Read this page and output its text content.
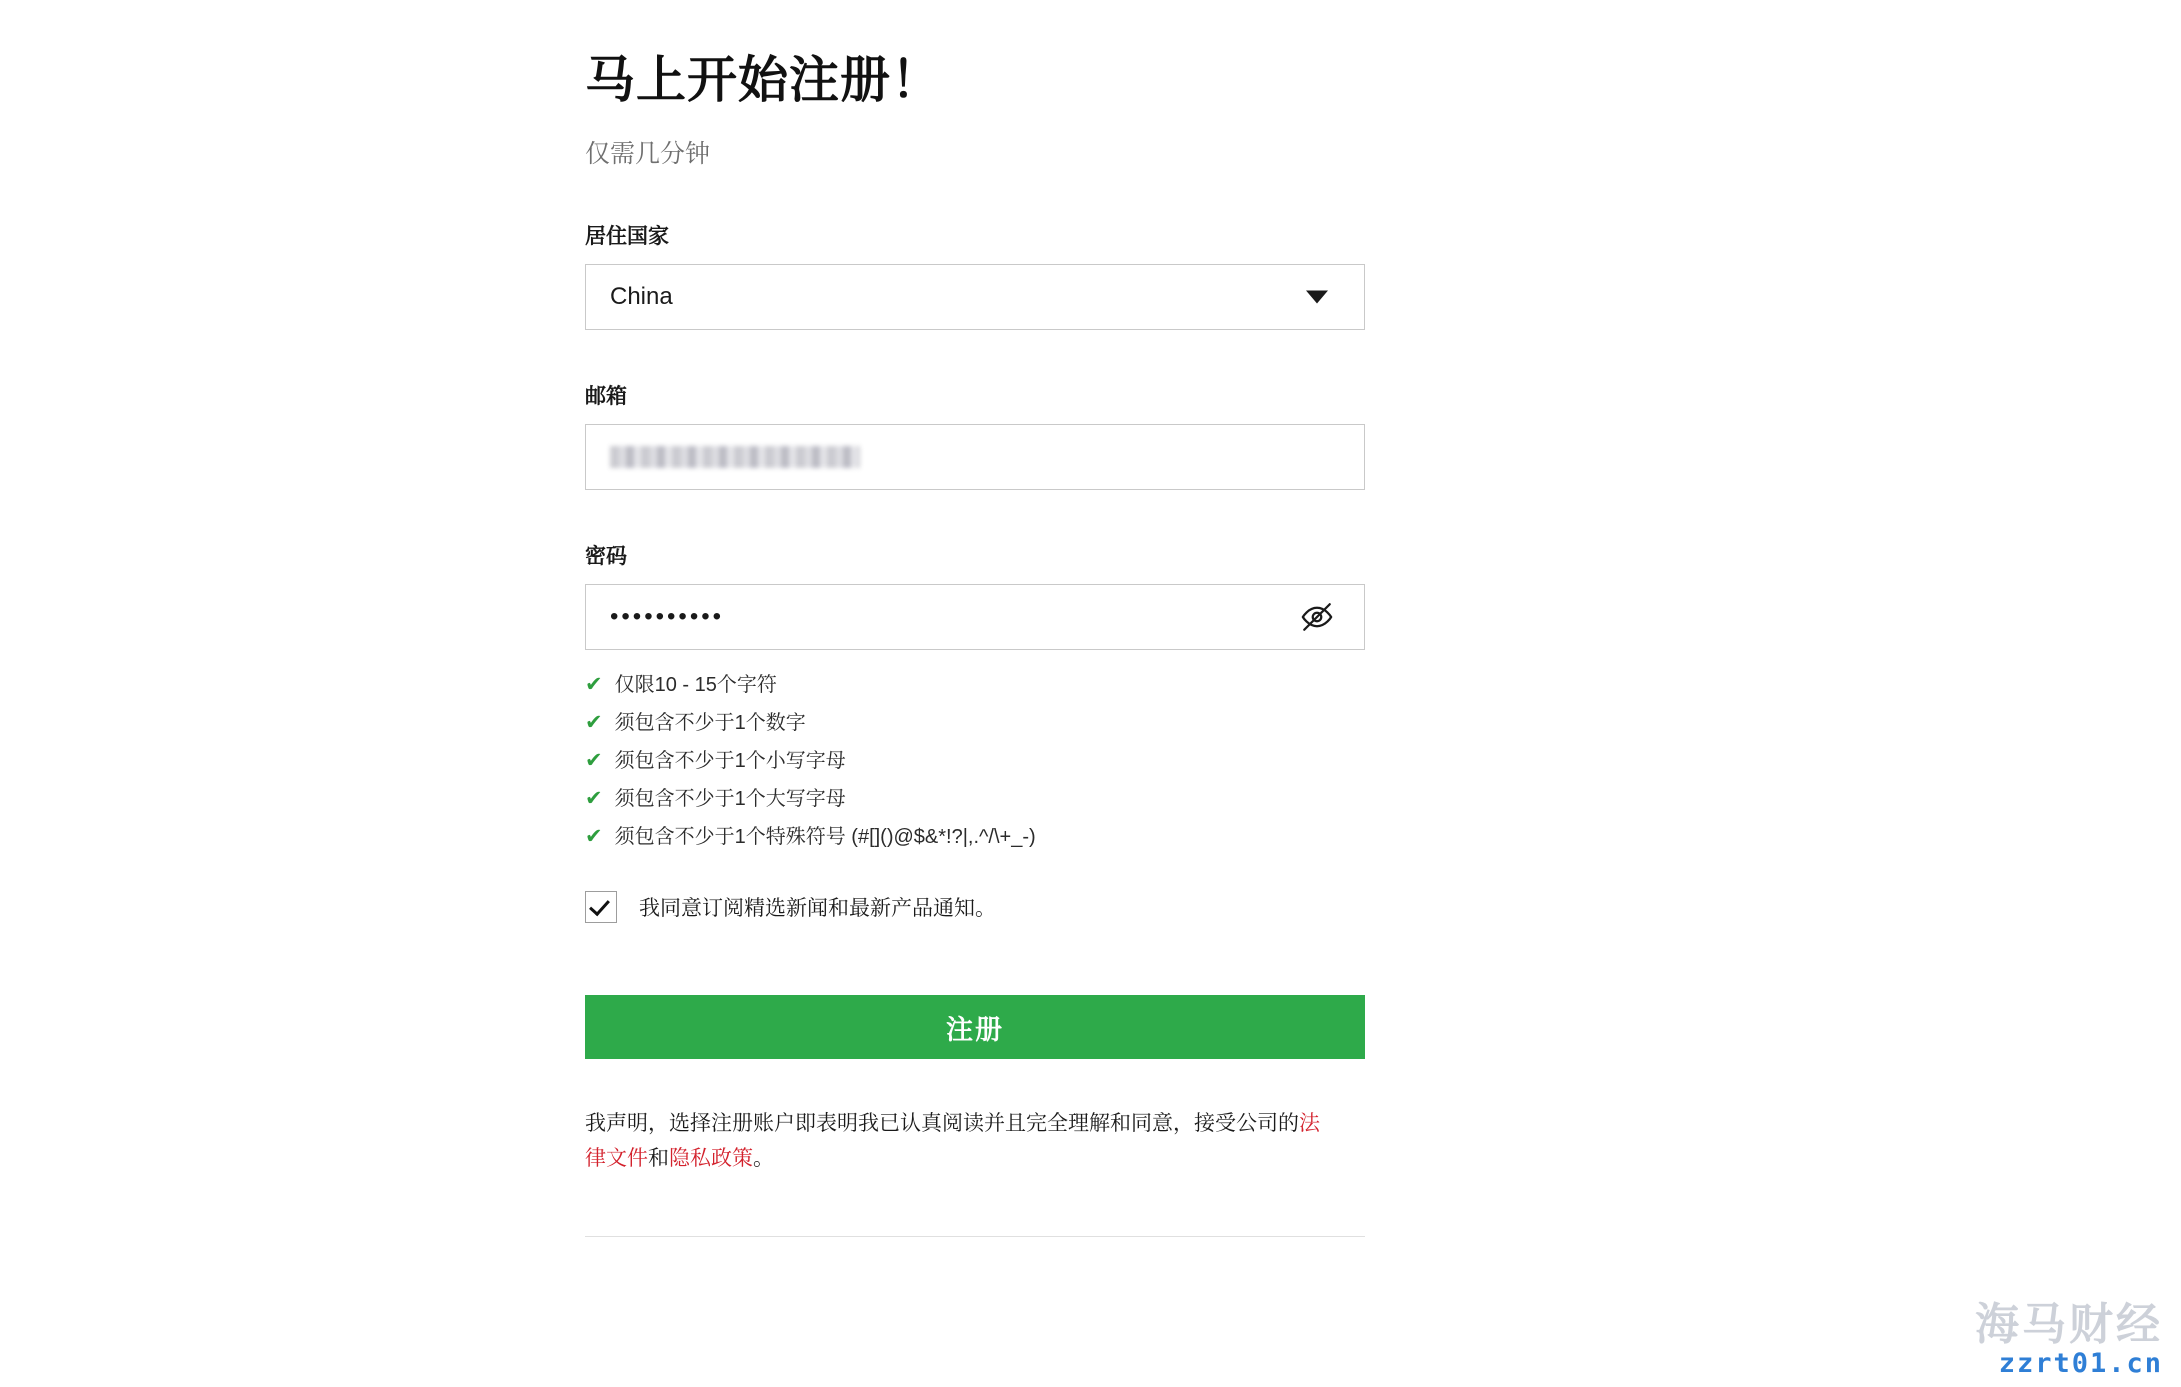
马上开始注册！
仅需几分钟
居住国家
China
邮箱
密码
••••••••••
✔ 仅限10 - 15个字符
✔ 须包含不少于1个数字
✔ 须包含不少于1个小写字母
✔ 须包含不少于1个大写字母
✔ 须包含不少于1个特殊符号 (#[]()@$&*!?|,.^/\+_-)
我同意订阅精选新闻和最新产品通知。
注册
我声明，选择注册账户即表明我已认真阅读并且完全理解和同意，接受公司的法律文件和隐私政策。
海马财经
zzrt01.cn
